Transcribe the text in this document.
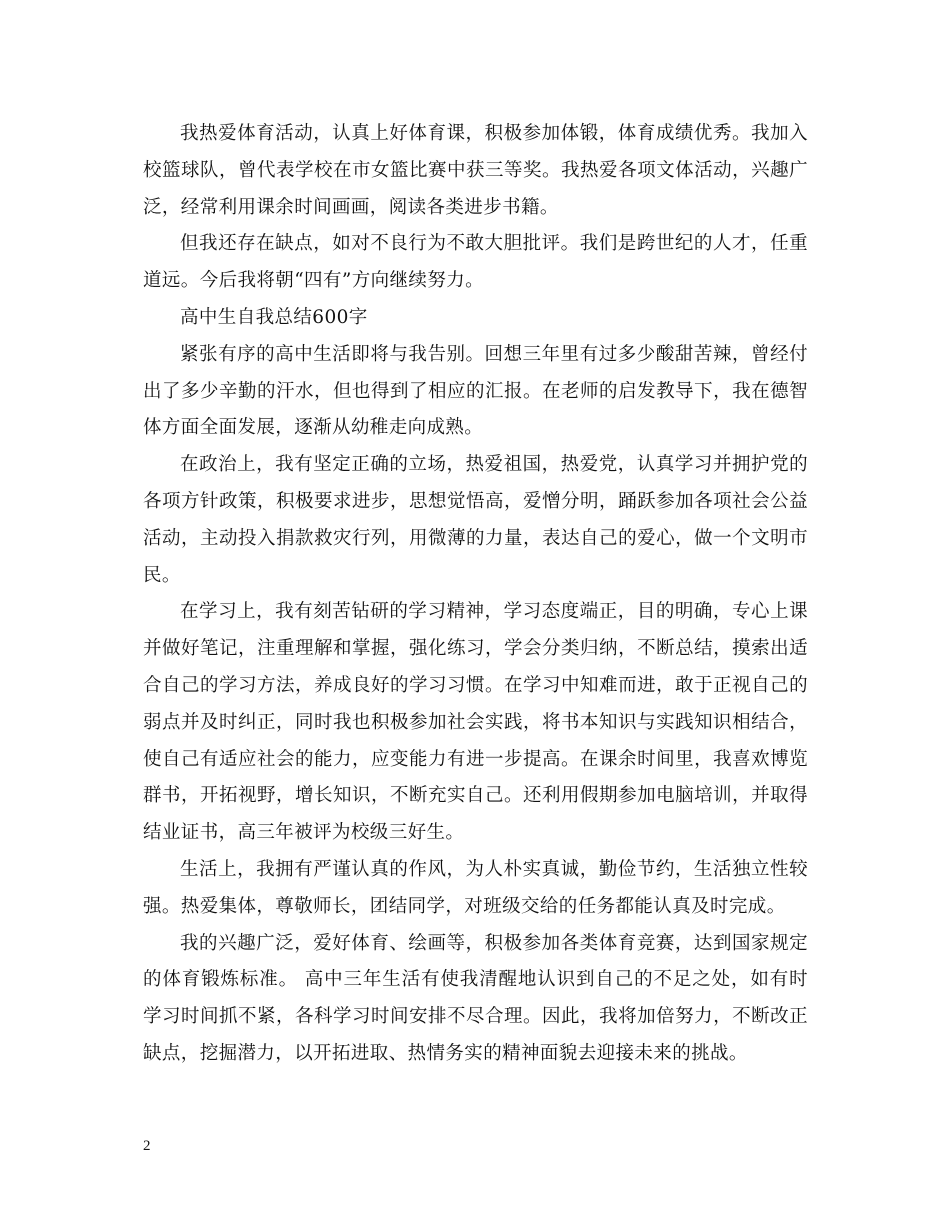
我热爱体育活动，认真上好体育课，积极参加体锻，体育成绩优秀。我加入校篮球队，曾代表学校在市女篮比赛中获三等奖。我热爱各项文体活动，兴趣广泛，经常利用课余时间画画，阅读各类进步书籍。

但我还存在缺点，如对不良行为不敢大胆批评。我们是跨世纪的人才，任重道远。今后我将朝“四有”方向继续努力。

高中生自我总结600字

紧张有序的高中生活即将与我告别。回想三年里有过多少酸甜苦辣，曾经付出了多少辛勤的汗水，但也得到了相应的汇报。在老师的启发教导下，我在德智体方面全面发展，逐渐从幼稚走向成熟。

在政治上，我有坚定正确的立场，热爱祖国，热爱党，认真学习并拥护党的各项方针政策，积极要求进步，思想觉悟高，爱憎分明，踊跃参加各项社会公益活动，主动投入捐款救灾行列，用微薄的力量，表达自己的爱心，做一个文明市民。

在学习上，我有刻苦钻研的学习精神，学习态度端正，目的明确，专心上课并做好笔记，注重理解和掌握，强化练习，学会分类归纳，不断总结，摸索出适合自己的学习方法，养成良好的学习习惯。在学习中知难而进，敢于正视自己的弱点并及时纠正，同时我也积极参加社会实践，将书本知识与实践知识相结合，使自己有适应社会的能力，应变能力有进一步提高。在课余时间里，我喜欢博览群书，开拓视野，增长知识，不断充实自己。还利用假期参加电脑培训，并取得结业证书，高三年被评为校级三好生。

生活上，我拥有严谨认真的作风，为人朴实真诚，勤俭节约，生活独立性较强。热爱集体，尊敬师长，团结同学，对班级交给的任务都能认真及时完成。

我的兴趣广泛，爱好体育、绘画等，积极参加各类体育竞赛，达到国家规定的体育锻炼标准。 高中三年生活有使我清醒地认识到自己的不足之处，如有时学习时间抓不紧，各科学习时间安排不尽合理。因此，我将加倍努力，不断改正缺点，挖掘潜力，以开拓进取、热情务实的精神面貌去迎接未来的挑战。

2
